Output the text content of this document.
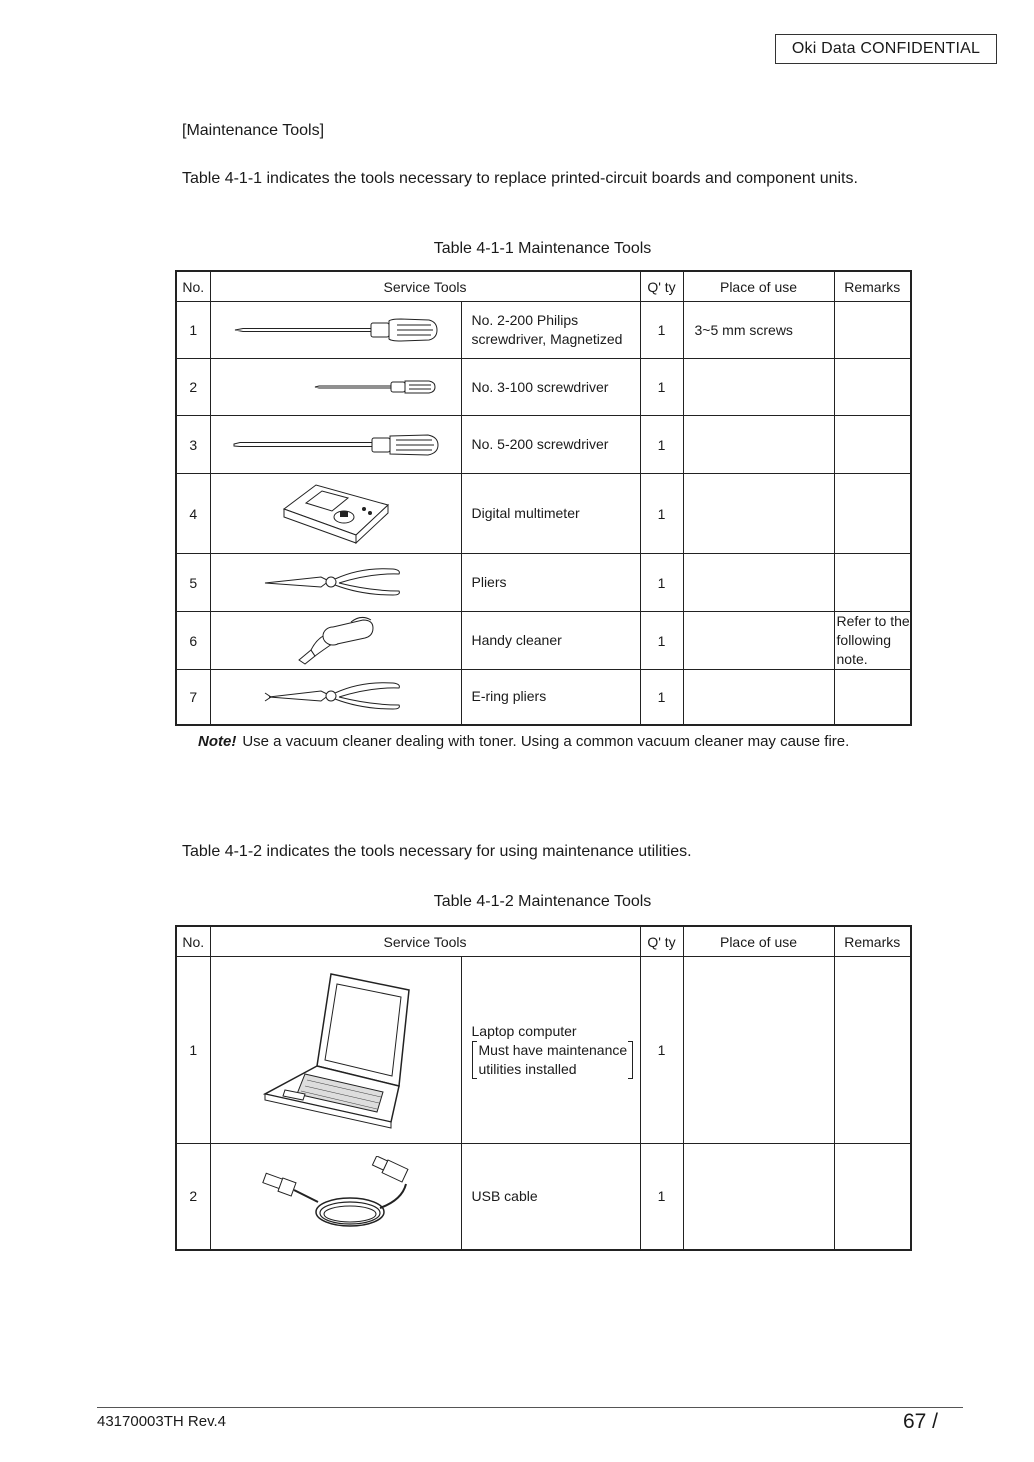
Oki Data CONFIDENTIAL
[Maintenance Tools]
Table 4-1-1 indicates the tools necessary to replace printed-circuit boards and component units.
Table 4-1-1 Maintenance Tools
No.	Service Tools		Q' ty	Place of use	Remarks
1		No. 2-200 Philips
screwdriver, Magnetized	1	3~5 mm screws	
2		No. 3-100 screwdriver	1		
3		No. 5-200 screwdriver	1		
4		Digital multimeter	1		
5		Pliers	1		
6		Handy cleaner	1		Refer to the
following
note.

7		E-ring pliers	1		
Note! Use a vacuum cleaner dealing with toner. Using a common vacuum cleaner may cause fire.
Table 4-1-2 indicates the tools necessary for using maintenance utilities.
Table 4-1-2 Maintenance Tools
No.	Service Tools		Q' ty	Place of use	Remarks
1		Laptop computer
Must have maintenance
utilities installed	1		
2		USB cable	1		
43170003TH Rev.4	67 /
